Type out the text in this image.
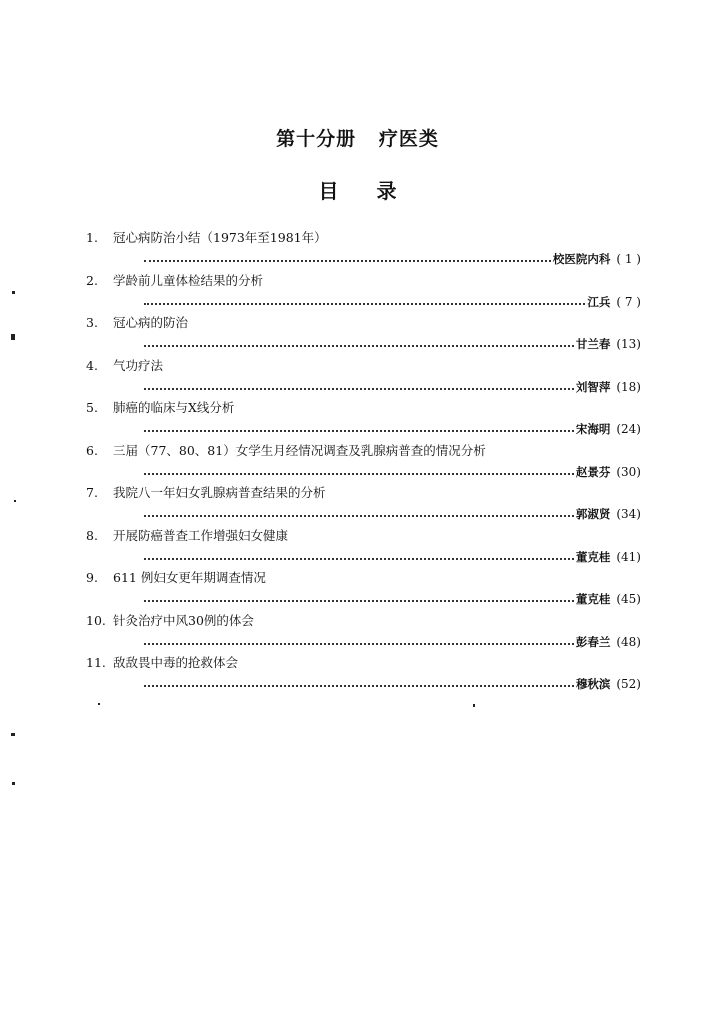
第十分册   疗医类
目录
1. 冠心病防治小结（1973年至1981年）
校医院内科 ( 1 )
2. 学龄前儿童体检结果的分析
江兵 ( 7 )
3. 冠心病的防治
甘兰春 (13)
4. 气功疗法
刘智萍 (18)
5. 肺癌的临床与X线分析
宋海明 (24)
6. 三届（77、80、81）女学生月经情况调查及乳腺病普查的情况分析
赵景芬 (30)
7. 我院八一年妇女乳腺病普查结果的分析
郭淑贤 (34)
8. 开展防癌普查工作增强妇女健康
董克桂 (41)
9. 611 例妇女更年期调查情况
董克桂 (45)
10. 针灸治疗中风30例的体会
彭春兰 (48)
11. 敌敌畏中毒的抢救体会
穆秋滨 (52)
